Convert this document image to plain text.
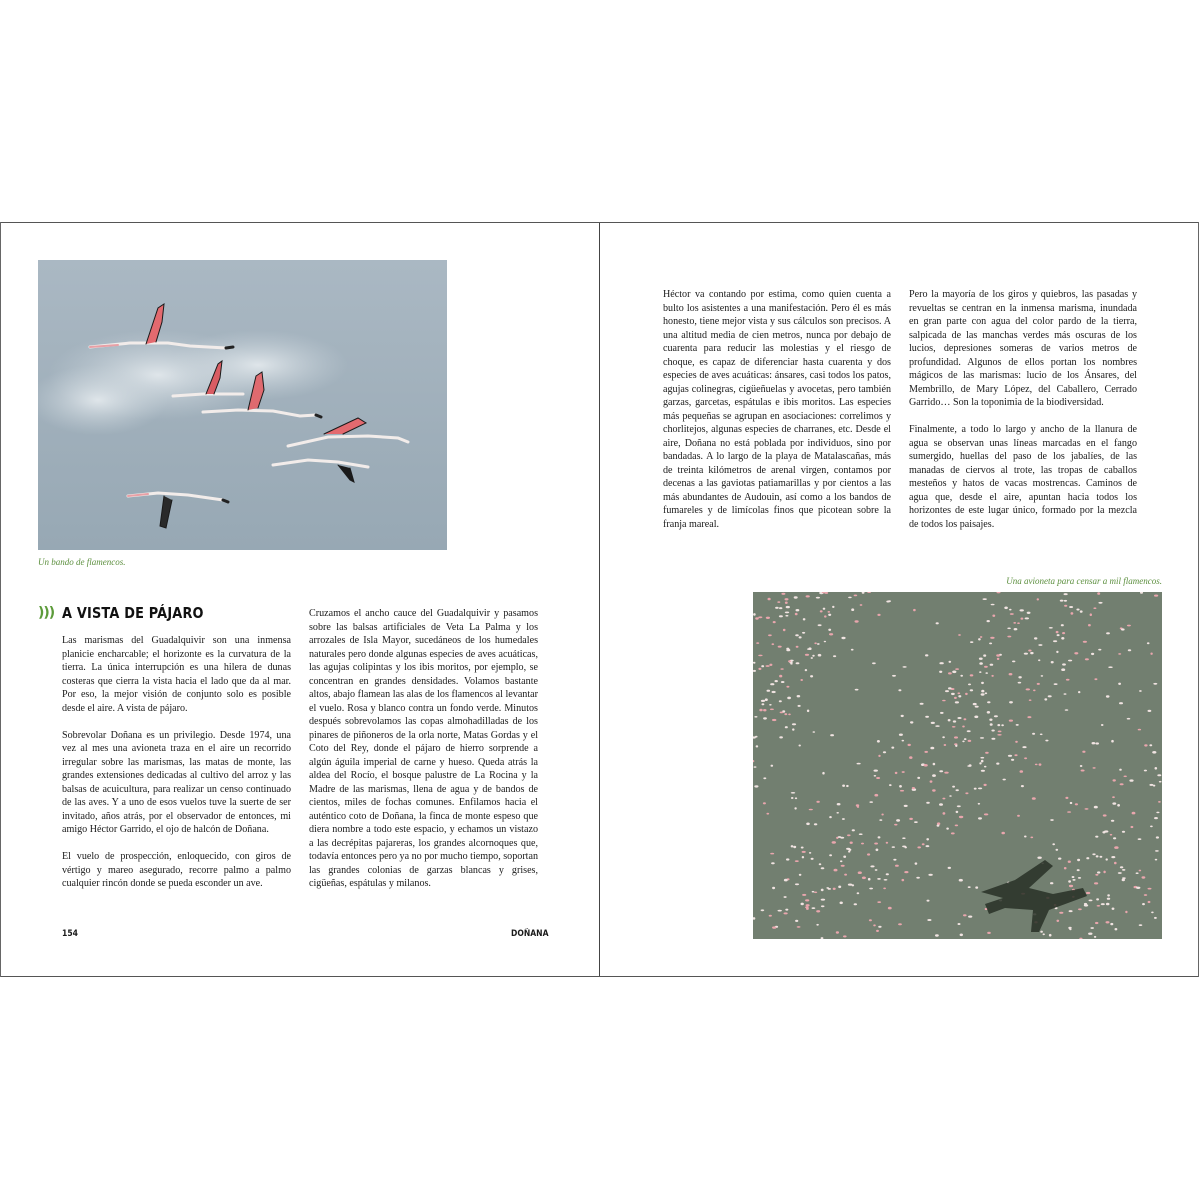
Un bando de flamencos.
))) A VISTA DE PÁJARO

Las marismas del Guadalquivir son una inmensa planicie encharcable; el horizonte es la curvatura de la tierra. La única interrupción es una hilera de dunas costeras que cierra la vista hacia el lado que da al mar. Por eso, la mejor visión de conjunto solo es posible desde el aire. A vista de pájaro.

Sobrevolar Doñana es un privilegio. Desde 1974, una vez al mes una avioneta traza en el aire un recorrido irregular sobre las marismas, las matas de monte, las grandes extensiones dedicadas al cultivo del arroz y las balsas de acuicultura, para realizar un censo continuado de las aves. Y a uno de esos vuelos tuve la suerte de ser invitado, años atrás, por el observador de entonces, mi amigo Héctor Garrido, el ojo de halcón de Doñana.

El vuelo de prospección, enloquecido, con giros de vértigo y mareo asegurado, recorre palmo a palmo cualquier rincón donde se pueda esconder un ave.

Cruzamos el ancho cauce del Guadalquivir y pasamos sobre las balsas artificiales de Veta La Palma y los arrozales de Isla Mayor, sucedáneos de los humedales naturales pero donde algunas especies de aves acuáticas, las agujas colipintas y los ibis moritos, por ejemplo, se concentran en grandes densidades. Volamos bastante altos, abajo flamean las alas de los flamencos al levantar el vuelo. Rosa y blanco contra un fondo verde. Minutos después sobrevolamos las copas almohadilladas de los pinares de piñoneros de la orla norte, Matas Gordas y el Coto del Rey, donde el pájaro de hierro sorprende a algún águila imperial de carne y hueso. Queda atrás la aldea del Rocío, el bosque palustre de La Rocina y la Madre de las marismas, llena de agua y de bandos de cientos, miles de fochas comunes. Enfilamos hacia el auténtico coto de Doñana, la finca de monte espeso que diera nombre a todo este espacio, y echamos un vistazo a las decrépitas pajareras, los grandes alcornoques que, todavía entonces pero ya no por mucho tiempo, soportan las grandes colonias de garzas blancas y grises, cigüeñas, espátulas y milanos.

154	DOÑANA

Héctor va contando por estima, como quien cuenta a bulto los asistentes a una manifestación. Pero él es más honesto, tiene mejor vista y sus cálculos son precisos. A una altitud media de cien metros, nunca por debajo de cuarenta para reducir las molestias y el riesgo de choque, es capaz de diferenciar hasta cuarenta y dos especies de aves acuáticas: ánsares, casi todos los patos, agujas colinegras, cigüeñuelas y avocetas, pero también garzas, garcetas, espátulas e ibis moritos. Las especies más pequeñas se agrupan en asociaciones: correlimos y chorlitejos, algunas especies de charranes, etc. Desde el aire, Doñana no está poblada por individuos, sino por bandadas. A lo largo de la playa de Matalascañas, más de treinta kilómetros de arenal virgen, contamos por decenas a las gaviotas patiamarillas y por cientos a las más abundantes de Audouin, así como a los bandos de fumareles y de limícolas finos que picotean sobre la franja mareal.

Pero la mayoría de los giros y quiebros, las pasadas y revueltas se centran en la inmensa marisma, inundada en gran parte con agua del color pardo de la tierra, salpicada de las manchas verdes más oscuras de los lucios, depresiones someras de varios metros de profundidad. Algunos de ellos portan los nombres mágicos de las marismas: lucio de los Ánsares, del Membrillo, de Mary López, del Caballero, Cerrado Garrido… Son la toponimia de la biodiversidad.

Finalmente, a todo lo largo y ancho de la llanura de agua se observan unas líneas marcadas en el fango sumergido, huellas del paso de los jabalíes, de las manadas de ciervos al trote, las tropas de caballos mesteños y hatos de vacas mostrencas. Caminos de agua que, desde el aire, apuntan hacia todos los horizontes de este lugar único, formado por la mezcla de todos los paisajes.

Una avioneta para censar a mil flamencos.
